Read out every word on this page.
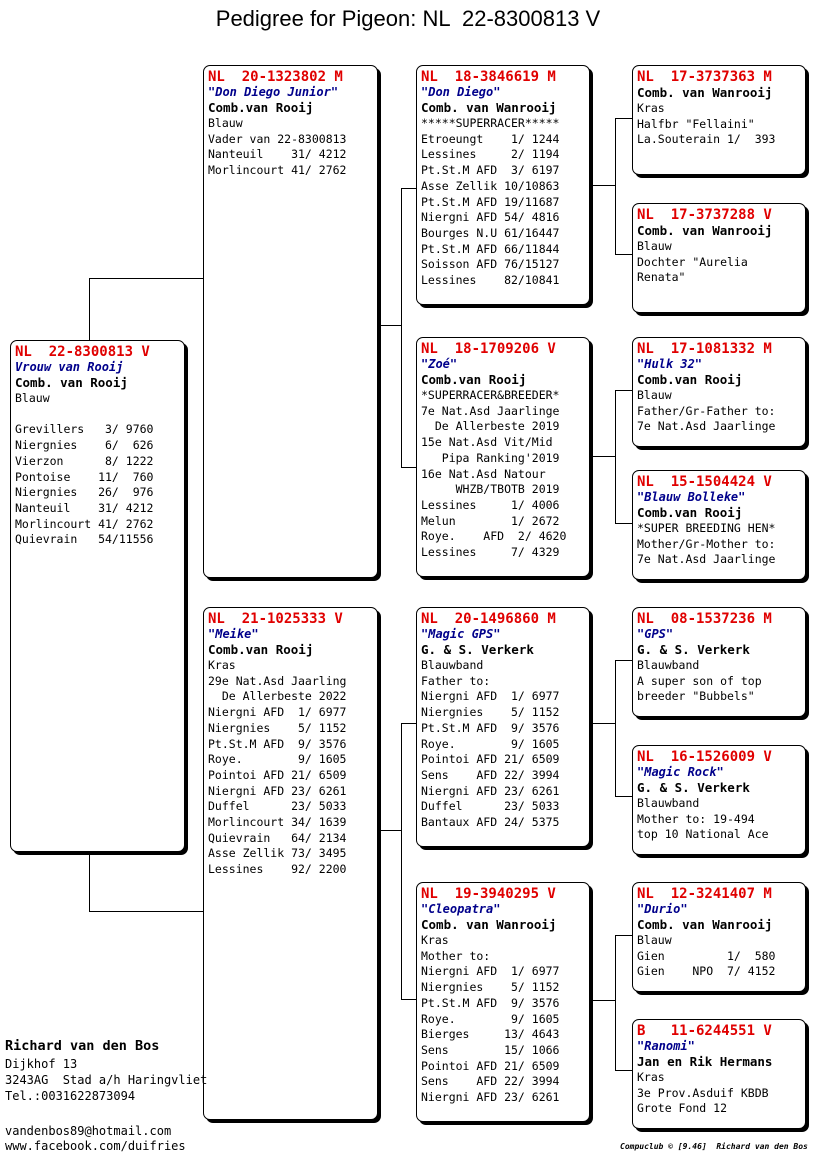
Pedigree for Pigeon: NL  22-8300813 V
NL  22-8300813 V
Vrouw van Rooij
Comb. van Rooij
Blauw

Grevillers   3/ 9760
Niergnies    6/  626
Vierzon      8/ 1222
Pontoise    11/  760
Niergnies   26/  976
Nanteuil    31/ 4212
Morlincourt 41/ 2762
Quievrain   54/11556
NL  20-1323802 M
"Don Diego Junior"
Comb.van Rooij
Blauw
Vader van 22-8300813
Nanteuil    31/ 4212
Morlincourt 41/ 2762
NL  21-1025333 V
"Meike"
Comb.van Rooij
Kras
29e Nat.Asd Jaarling
De Allerbeste 2022
Niergni AFD  1/ 6977
Niergnies    5/ 1152
Pt.St.M AFD  9/ 3576
Roye.        9/ 1605
Pointoi AFD 21/ 6509
Niergni AFD 23/ 6261
Duffel      23/ 5033
Morlincourt 34/ 1639
Quievrain   64/ 2134
Asse Zellik 73/ 3495
Lessines    92/ 2200
NL  18-3846619 M
"Don Diego"
Comb. van Wanrooij
*****SUPERRACER*****
Etroeungt    1/ 1244
Lessines     2/ 1194
Pt.St.M AFD  3/ 6197
Asse Zellik 10/10863
Pt.St.M AFD 19/11687
Niergni AFD 54/ 4816
Bourges N.U 61/16447
Pt.St.M AFD 66/11844
Soisson AFD 76/15127
Lessines    82/10841
NL  18-1709206 V
"Zoé"
Comb.van Rooij
*SUPERRACER&BREEDER*
7e Nat.Asd Jaarlinge
De Allerbeste 2019
15e Nat.Asd Vit/Mid
Pipa Ranking'2019
16e Nat.Asd Natour
WHZB/TBOTB 2019
Lessines     1/ 4006
Melun        1/ 2672
Roye.    AFD  2/ 4620
Lessines     7/ 4329
NL  20-1496860 M
"Magic GPS"
G. & S. Verkerk
Blauwband
Father to:
Niergni AFD  1/ 6977
Niergnies    5/ 1152
Pt.St.M AFD  9/ 3576
Roye.        9/ 1605
Pointoi AFD 21/ 6509
Sens    AFD 22/ 3994
Niergni AFD 23/ 6261
Duffel      23/ 5033
Bantaux AFD 24/ 5375
NL  19-3940295 V
"Cleopatra"
Comb. van Wanrooij
Kras
Mother to:
Niergni AFD  1/ 6977
Niergnies    5/ 1152
Pt.St.M AFD  9/ 3576
Roye.        9/ 1605
Bierges     13/ 4643
Sens        15/ 1066
Pointoi AFD 21/ 6509
Sens    AFD 22/ 3994
Niergni AFD 23/ 6261
NL  17-3737363 M
Comb. van Wanrooij
Kras
Halfbr "Fellaini"
La.Souterain 1/  393
NL  17-3737288 V
Comb. van Wanrooij
Blauw
Dochter "Aurelia
Renata"
NL  17-1081332 M
"Hulk 32"
Comb.van Rooij
Blauw
Father/Gr-Father to:
7e Nat.Asd Jaarlinge
NL  15-1504424 V
"Blauw Bolleke"
Comb.van Rooij
*SUPER BREEDING HEN*
Mother/Gr-Mother to:
7e Nat.Asd Jaarlinge
NL  08-1537236 M
"GPS"
G. & S. Verkerk
Blauwband
A super son of top
breeder "Bubbels"
NL  16-1526009 V
"Magic Rock"
G. & S. Verkerk
Blauwband
Mother to: 19-494
top 10 National Ace
NL  12-3241407 M
"Durio"
Comb. van Wanrooij
Blauw
Gien         1/  580
Gien    NPO  7/ 4152
B   11-6244551 V
"Ranomi"
Jan en Rik Hermans
Kras
3e Prov.Asduif KBDB
Grote Fond 12
Richard van den Bos
Dijkhof 13
3243AG  Stad a/h Haringvliet
Tel.:0031622873094
vandenbos89@hotmail.com
www.facebook.com/duifries	Compuclub © [9.46]  Richard van den Bos
